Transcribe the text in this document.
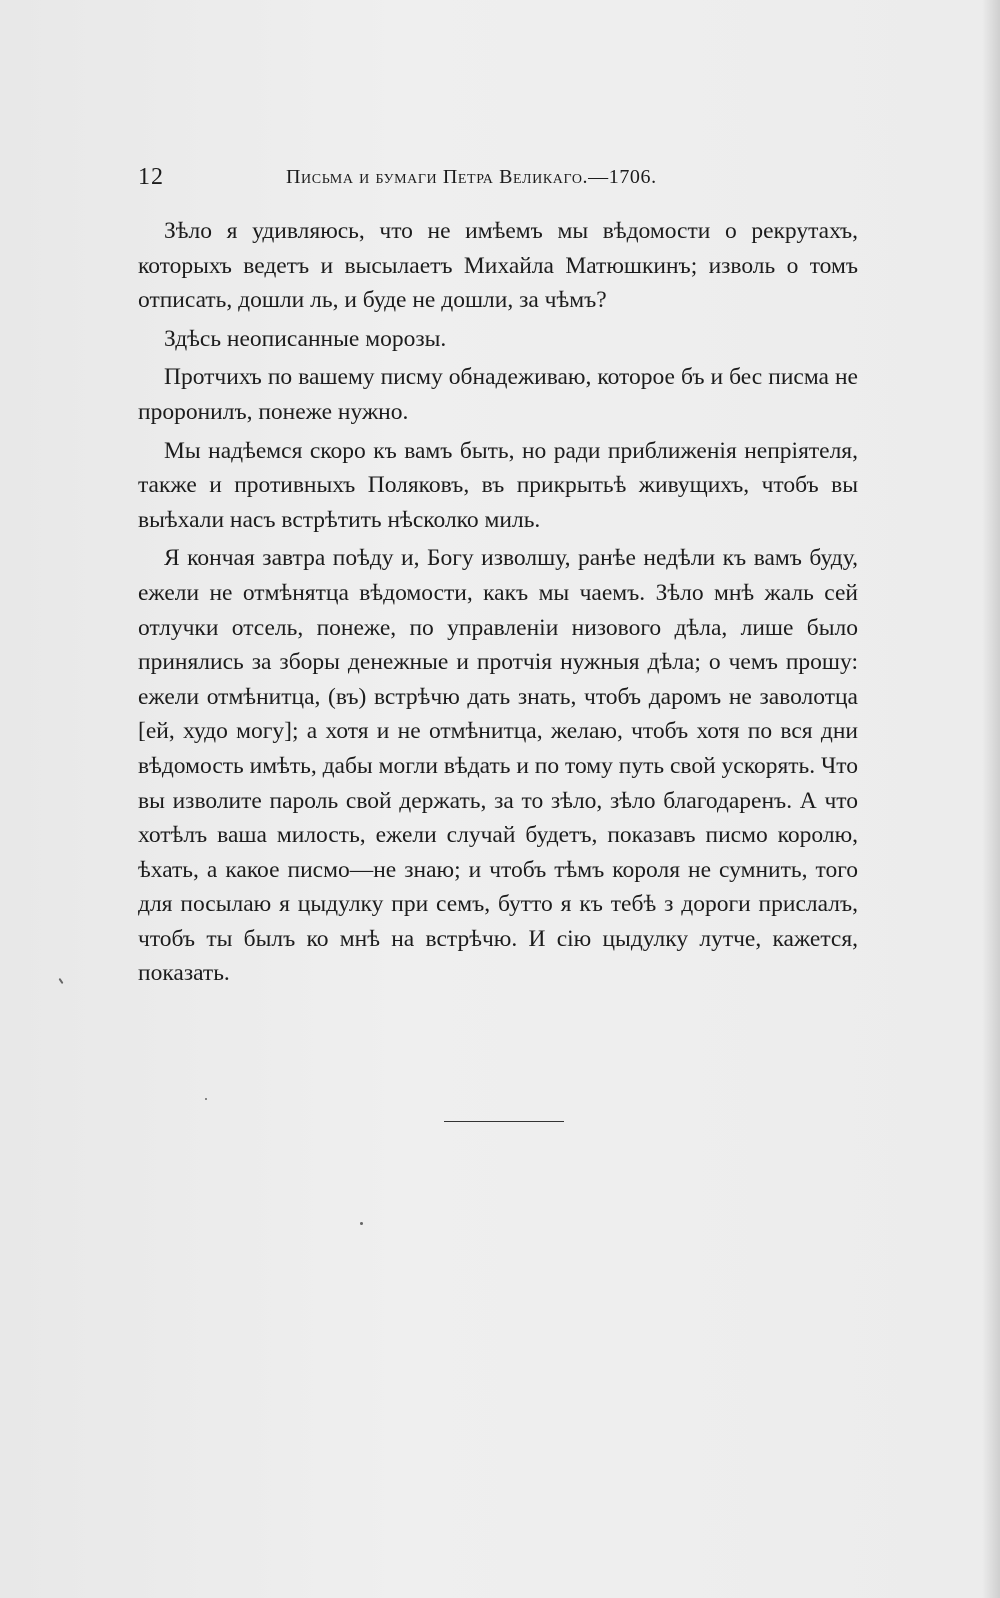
12	Письма и бумаги Петра Великаго.—1706.

Зѣло я удивляюсь, что не имѣемъ мы вѣдомости о рекрутахъ, которыхъ ведетъ и высылаетъ Михайла Матюшкинъ; изволь о томъ отписать, дошли ль, и буде не дошли, за чѣмъ?

Здѣсь неописанные морозы.

Протчихъ по вашему писму обнадеживаю, которое бъ и бес писма не проронилъ, понеже нужно.

Мы надѣемся скоро къ вамъ быть, но ради приближенія непріятеля, также и противныхъ Поляковъ, въ прикрытьѣ живущихъ, чтобъ вы выѣхали насъ встрѣтить нѣсколко миль.

Я кончая завтра поѣду и, Богу изволшу, ранѣе недѣли къ вамъ буду, ежели не отмѣнятца вѣдомости, какъ мы чаемъ. Зѣло мнѣ жаль сей отлучки отсель, понеже, по управленіи низового дѣла, лише было принялись за зборы денежные и протчія нужныя дѣла; о чемъ прошу: ежели отмѣнитца, (въ) встрѣчю дать знать, чтобъ даромъ не заволотца [ей, худо могу]; а хотя и не отмѣнитца, желаю, чтобъ хотя по вся дни вѣдомость имѣть, дабы могли вѣдать и по тому путь свой ускорять. Что вы изволите пароль свой держать, за то зѣло, зѣло благодаренъ. А что хотѣлъ ваша милость, ежели случай будетъ, показавъ писмо королю, ѣхать, а какое писмо—не знаю; и чтобъ тѣмъ короля не сумнить, того для посылаю я цыдулку при семъ, бутто я къ тебѣ з дороги прислалъ, чтобъ ты былъ ко мнѣ на встрѣчю. И сію цыдулку лутче, кажется, показать.
